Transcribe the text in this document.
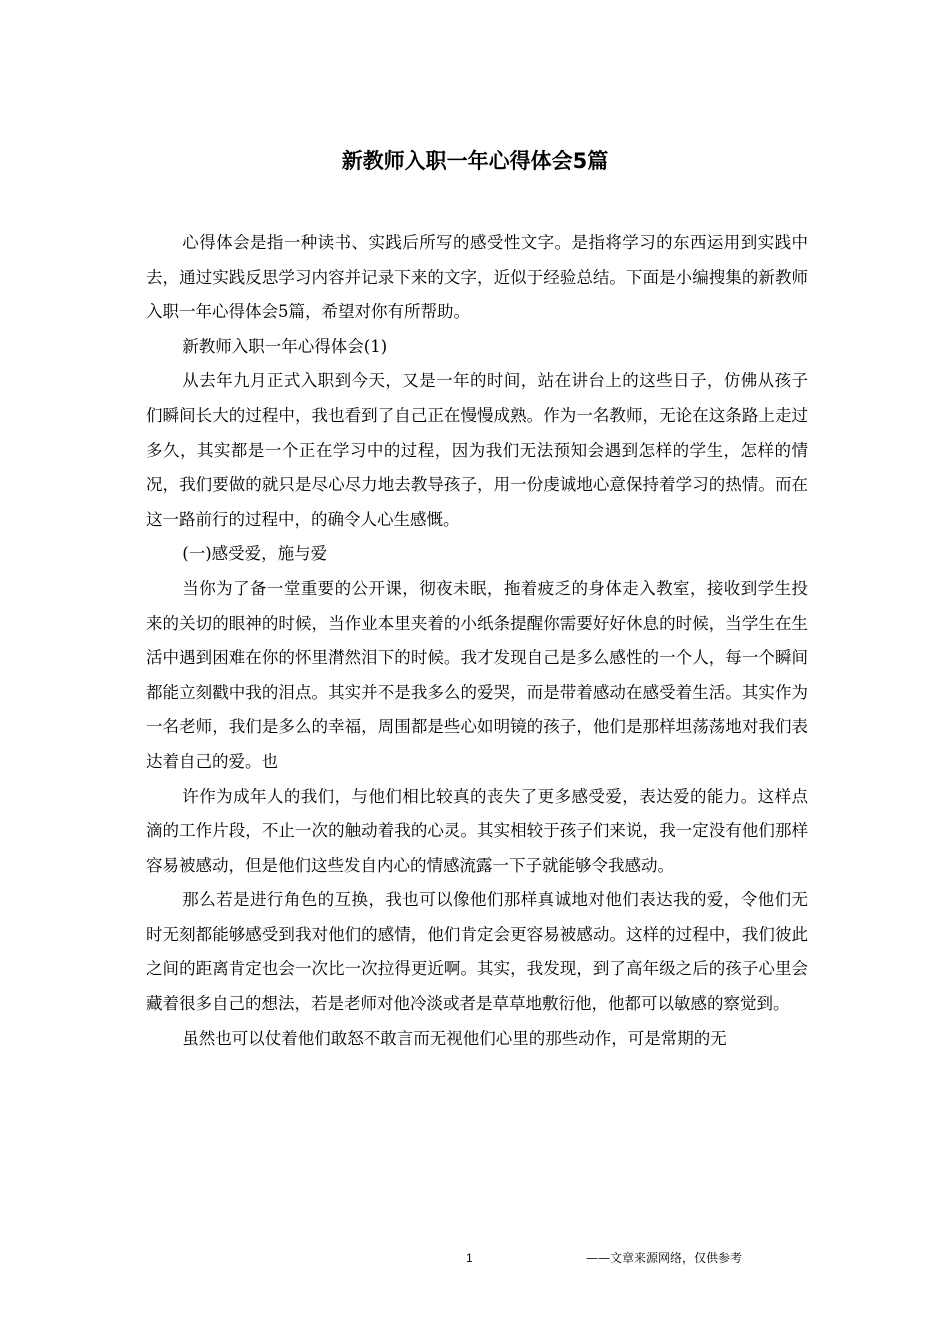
新教师入职一年心得体会5篇

心得体会是指一种读书、实践后所写的感受性文字。是指将学习的东西运用到实践中去，通过实践反思学习内容并记录下来的文字，近似于经验总结。下面是小编搜集的新教师入职一年心得体会5篇，希望对你有所帮助。

新教师入职一年心得体会(1)

从去年九月正式入职到今天，又是一年的时间，站在讲台上的这些日子，仿佛从孩子们瞬间长大的过程中，我也看到了自己正在慢慢成熟。作为一名教师，无论在这条路上走过多久，其实都是一个正在学习中的过程，因为我们无法预知会遇到怎样的学生，怎样的情况，我们要做的就只是尽心尽力地去教导孩子，用一份虔诚地心意保持着学习的热情。而在这一路前行的过程中，的确令人心生感慨。

(一)感受爱，施与爱

当你为了备一堂重要的公开课，彻夜未眠，拖着疲乏的身体走入教室，接收到学生投来的关切的眼神的时候，当作业本里夹着的小纸条提醒你需要好好休息的时候，当学生在生活中遇到困难在你的怀里潸然泪下的时候。我才发现自己是多么感性的一个人，每一个瞬间都能立刻戳中我的泪点。其实并不是我多么的爱哭，而是带着感动在感受着生活。其实作为一名老师，我们是多么的幸福，周围都是些心如明镜的孩子，他们是那样坦荡荡地对我们表达着自己的爱。也

许作为成年人的我们，与他们相比较真的丧失了更多感受爱，表达爱的能力。这样点滴的工作片段，不止一次的触动着我的心灵。其实相较于孩子们来说，我一定没有他们那样容易被感动，但是他们这些发自内心的情感流露一下子就能够令我感动。

那么若是进行角色的互换，我也可以像他们那样真诚地对他们表达我的爱，令他们无时无刻都能够感受到我对他们的感情，他们肯定会更容易被感动。这样的过程中，我们彼此之间的距离肯定也会一次比一次拉得更近啊。其实，我发现，到了高年级之后的孩子心里会藏着很多自己的想法，若是老师对他冷淡或者是草草地敷衍他，他都可以敏感的察觉到。

虽然也可以仗着他们敢怒不敢言而无视他们心里的那些动作，可是常期的无

1	——文章来源网络，仅供参考
